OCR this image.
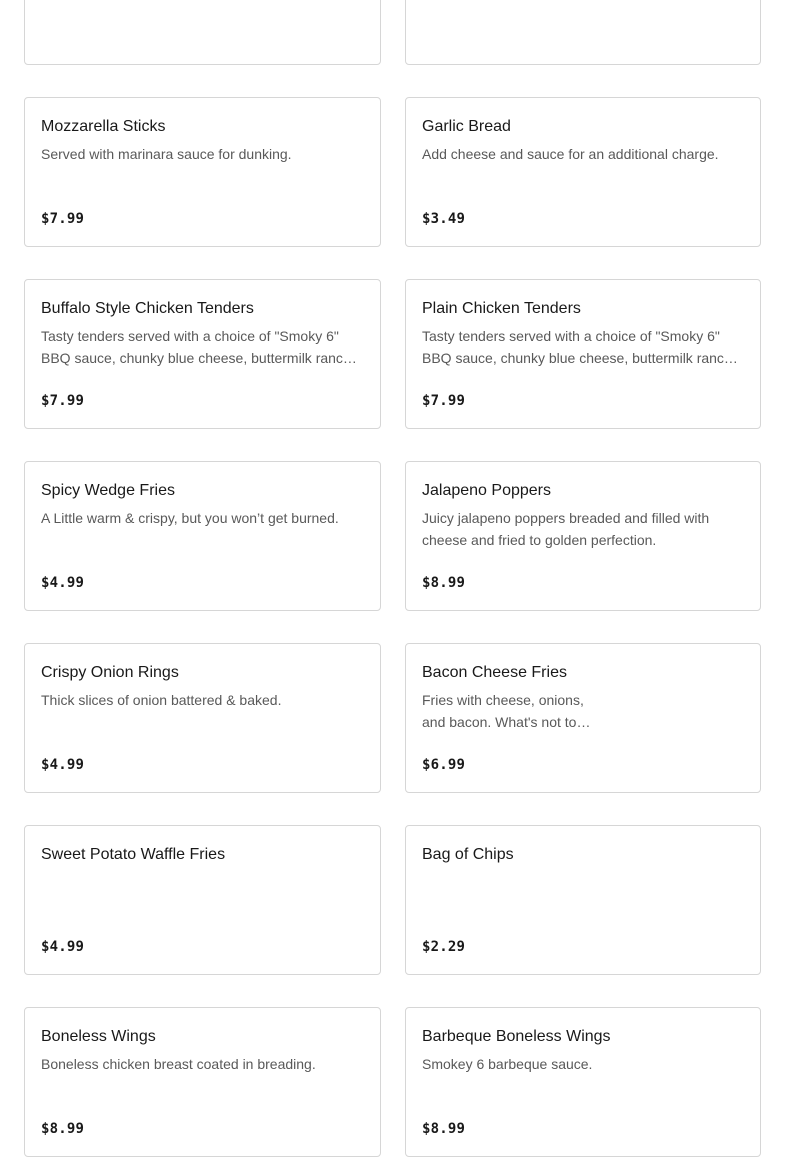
Mozzarella Sticks
Served with marinara sauce for dunking.
$7.99
Garlic Bread
Add cheese and sauce for an additional charge.
$3.49
Buffalo Style Chicken Tenders
Tasty tenders served with a choice of "Smoky 6" BBQ sauce, chunky blue cheese, buttermilk ranc…
$7.99
Plain Chicken Tenders
Tasty tenders served with a choice of "Smoky 6" BBQ sauce, chunky blue cheese, buttermilk ranc…
$7.99
Spicy Wedge Fries
A Little warm & crispy, but you won’t get burned.
$4.99
Jalapeno Poppers
Juicy jalapeno poppers breaded and filled with cheese and fried to golden perfection.
$8.99
Crispy Onion Rings
Thick slices of onion battered & baked.
$4.99
Bacon Cheese Fries
Fries with cheese, onions, and bacon. What's not to…
$6.99
Sweet Potato Waffle Fries
$4.99
Bag of Chips
$2.29
Boneless Wings
Boneless chicken breast coated in breading.
$8.99
Barbeque Boneless Wings
Smokey 6 barbeque sauce.
$8.99
